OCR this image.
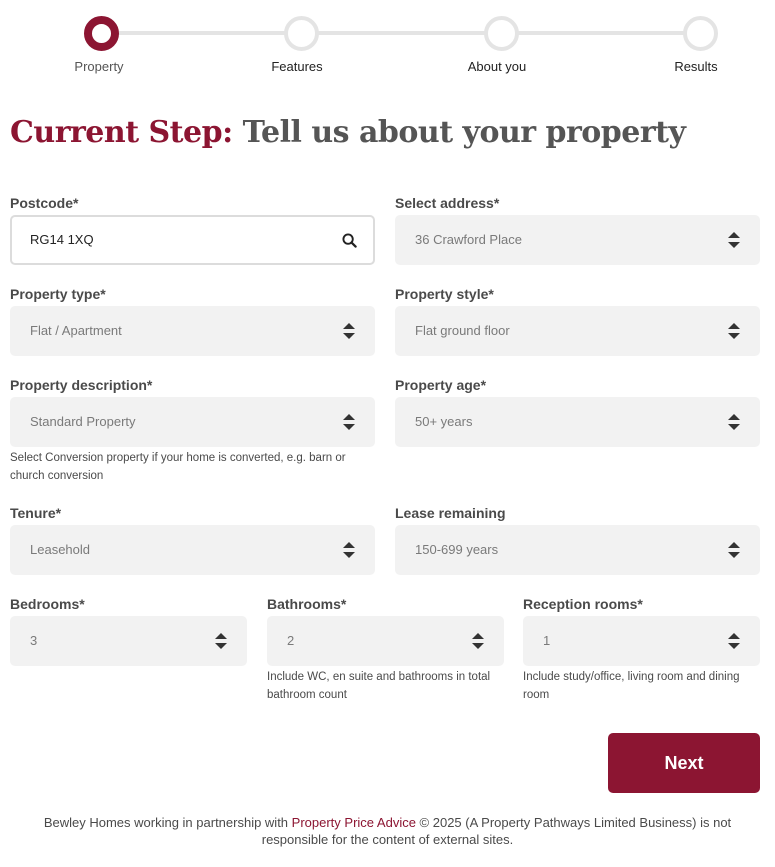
Property	Features	About you	Results
Current Step: Tell us about your property
Postcode*
RG14 1XQ
Select address*
36 Crawford Place
Property type*
Flat / Apartment
Property style*
Flat ground floor
Property description*
Standard Property
Select Conversion property if your home is converted, e.g. barn or church conversion
Property age*
50+ years
Tenure*
Leasehold
Lease remaining
150-699 years
Bedrooms*
3
Bathrooms*
2
Include WC, en suite and bathrooms in total bathroom count
Reception rooms*
1
Include study/office, living room and dining room
Next

Bewley Homes working in partnership with Property Price Advice © 2025 (A Property Pathways Limited Business) is not responsible for the content of external sites.
